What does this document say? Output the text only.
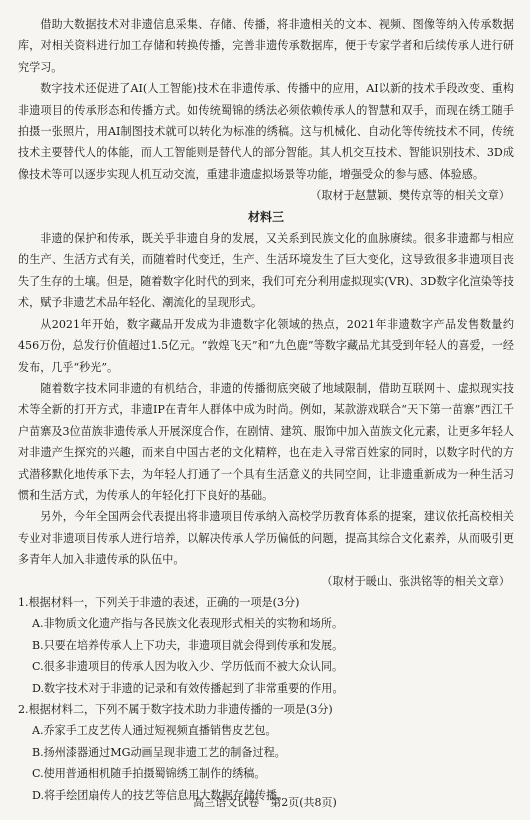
借助大数据技术对非遗信息采集、存储、传播，将非遗相关的文本、视频、图像等纳入传承数据库，对相关资料进行加工存储和转换传播，完善非遗传承数据库，便于专家学者和后续传承人进行研究学习。

数字技术还促进了AI(人工智能)技术在非遗传承、传播中的应用，AI以新的技术手段改变、重构非遗项目的传承形态和传播方式。如传统蜀锦的绣法必须依赖传承人的智慧和双手，而现在绣工随手拍摄一张照片，用AI制图技术就可以转化为标准的绣稿。这与机械化、自动化等传统技术不同，传统技术主要替代人的体能，而人工智能则是替代人的部分智能。其人机交互技术、智能识别技术、3D成像技术等可以逐步实现人机互动交流，重建非遗虚拟场景等功能，增强受众的参与感、体验感。

（取材于赵慧颖、樊传京等的相关文章）

材料三

非遗的保护和传承，既关乎非遗自身的发展，又关系到民族文化的血脉赓续。很多非遗都与相应的生产、生活方式有关，而随着时代变迁，生产、生活环境发生了巨大变化，这导致很多非遗项目丧失了生存的土壤。但是，随着数字化时代的到来，我们可充分利用虚拟现实(VR)、3D数字化渲染等技术，赋予非遗艺术品年轻化、潮流化的呈现形式。

从2021年开始，数字藏品开发成为非遗数字化领域的热点，2021年非遗数字产品发售数量约456万份，总发行价值超过1.5亿元。“敦煌飞天”和“九色鹿”等数字藏品尤其受到年轻人的喜爱，一经发布，几乎“秒光”。

随着数字技术同非遗的有机结合，非遗的传播彻底突破了地域限制，借助互联网＋、虚拟现实技术等全新的打开方式，非遗IP在青年人群体中成为时尚。例如，某款游戏联合“天下第一苗寨”西江千户苗寨及3位苗族非遗传承人开展深度合作，在剧情、建筑、服饰中加入苗族文化元素，让更多年轻人对非遗产生探究的兴趣，而来自中国古老的文化精粹，也在走入寻常百姓家的同时，以数字时代的方式潜移默化地传承下去，为年轻人打通了一个具有生活意义的共同空间，让非遗重新成为一种生活习惯和生活方式，为传承人的年轻化打下良好的基础。

另外，今年全国两会代表提出将非遗项目传承纳入高校学历教育体系的提案，建议依托高校相关专业对非遗项目传承人进行培养，以解决传承人学历偏低的问题，提高其综合文化素养，从而吸引更多青年人加入非遗传承的队伍中。

（取材于暖山、张洪铭等的相关文章）

1.根据材料一，下列关于非遗的表述，正确的一项是(3分)

A.非物质文化遗产指与各民族文化表现形式相关的实物和场所。

B.只要在培养传承人上下功夫，非遗项目就会得到传承和发展。

C.很多非遗项目的传承人因为收入少、学历低而不被大众认同。

D.数字技术对于非遗的记录和有效传播起到了非常重要的作用。

2.根据材料二，下列不属于数字技术助力非遗传播的一项是(3分)

A.乔家手工皮艺传人通过短视频直播销售皮艺包。

B.扬州漆器通过MG动画呈现非遗工艺的制备过程。

C.使用普通相机随手拍摄蜀锦绣工制作的绣稿。

D.将手绘团扇传人的技艺等信息用大数据存储传播。

高三语文试卷　第2页(共8页)
